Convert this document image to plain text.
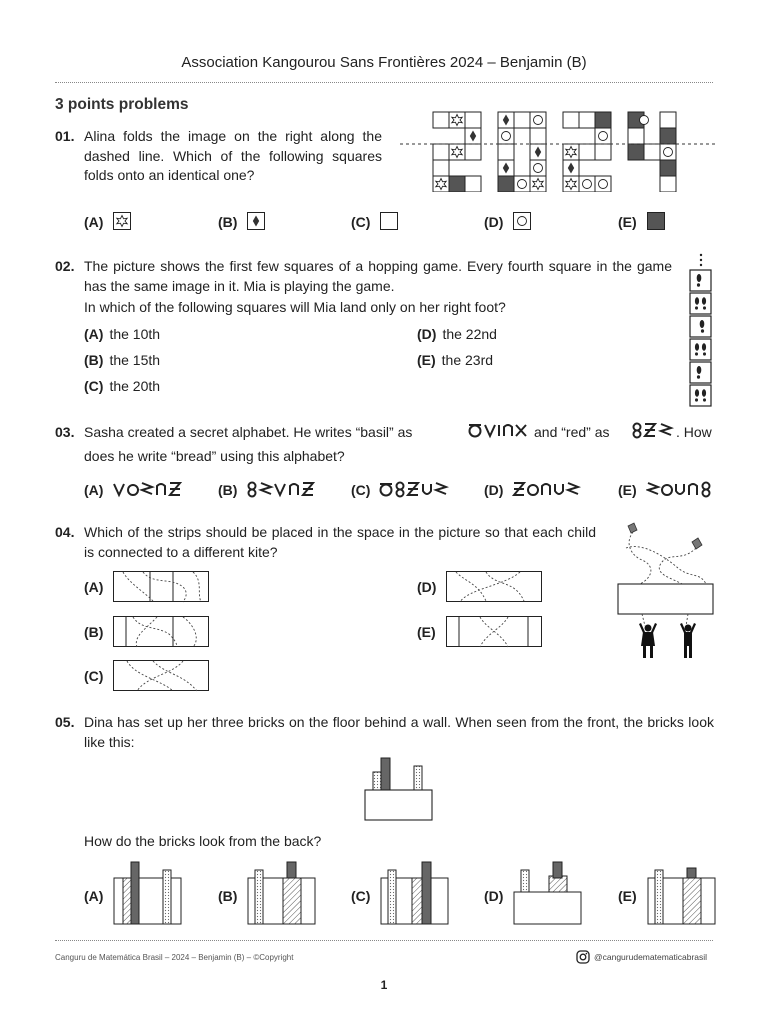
Association Kangourou Sans Frontières 2024 – Benjamin (B)
3 points problems
01. Alina folds the image on the right along the dashed line. Which of the following squares folds onto an identical one?
(A)	(B)	(C)	(D)	(E)
02. The picture shows the first few squares of a hopping game. Every fourth square in the game has the same image in it. Mia is playing the game.
In which of the following squares will Mia land only on her right foot?
(A) the 10th
(B) the 15th
(C) the 20th
(D) the 22nd
(E) the 23rd
03. Sasha created a secret alphabet. He writes “basil” as	and “red” as	. How
does he write “bread” using this alphabet?
(A)	(B)	(C)	(D)	(E)
04. Which of the strips should be placed in the space in the picture so that each child is connected to a different kite?
(A)
(B)
(C)
(D)
(E)
05. Dina has set up her three bricks on the floor behind a wall. When seen from the front, the bricks look like this:
How do the bricks look from the back?
(A)	(B)	(C)	(D)	(E)
Canguru de Matemática Brasil – 2024 – Benjamin (B) – ©Copyright	@cangurudematematicabrasil
1
